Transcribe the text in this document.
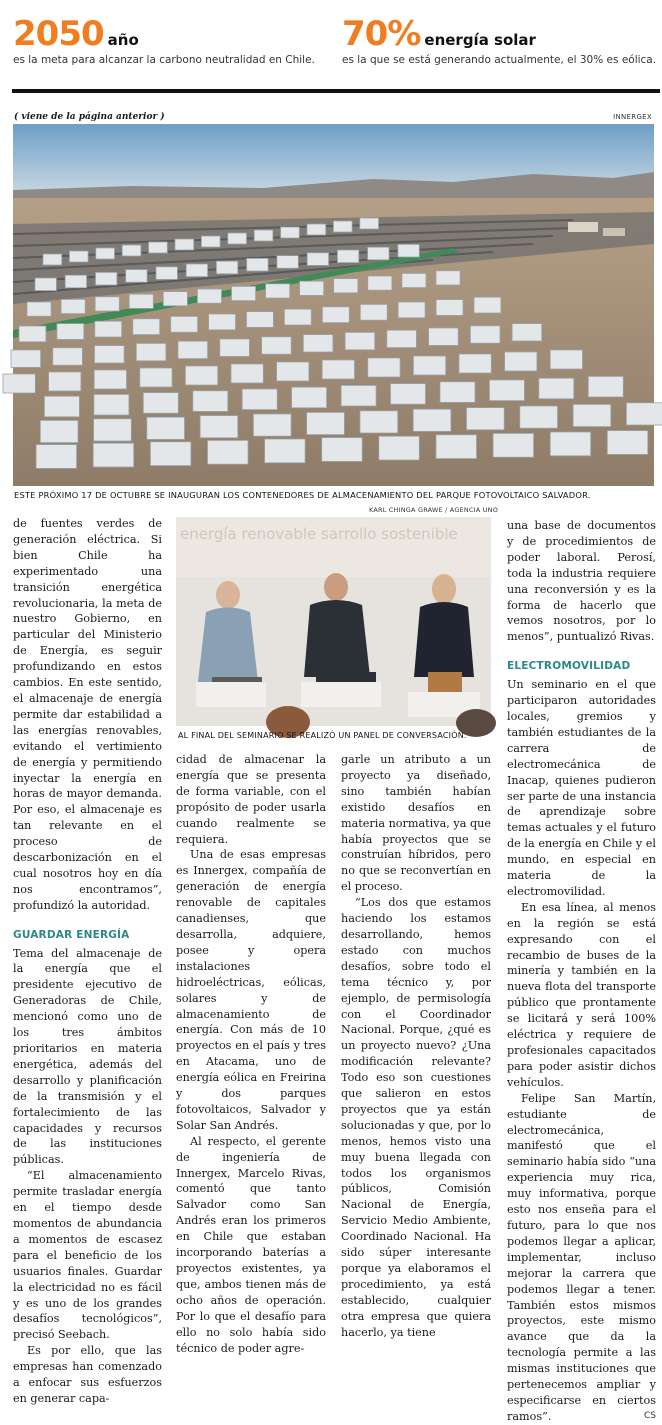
2050 año
es la meta para alcanzar la carbono neutralidad en Chile.
70% energía solar
es la que se está generando actualmente, el 30% es eólica.
( viene de la página anterior )	INNERGEX
ESTE PRÓXIMO 17 DE OCTUBRE SE INAUGURAN LOS CONTENEDORES DE ALMACENAMIENTO DEL PARQUE FOTOVOLTAICO SALVADOR.
KARL CHINGA GRAWE / AGENCIA UNO
energía renovable sarrollo sostenible
AL FINAL DEL SEMINARIO SE REALIZÓ UN PANEL DE CONVERSACIÓN.

de fuentes verdes de generación eléctrica. Si bien Chile ha experimentado una transición energética revolucionaria, la meta de nuestro Gobierno, en particular del Ministerio de Energía, es seguir profundizando en estos cambios. En este sentido, el almacenaje de energía permite dar estabilidad a las energías renovables, evitando el vertimiento de energía y permitiendo inyectar la energía en horas de mayor demanda. Por eso, el almacenaje es tan relevante en el proceso de descarbonización en el cual nosotros hoy en día nos encontramos”, profundizó la autoridad.

GUARDAR ENERGÍA

Tema del almacenaje de la energía que el presidente ejecutivo de Generadoras de Chile, mencionó como uno de los tres ámbitos prioritarios en materia energética, además del desarrollo y planificación de la transmisión y el fortalecimiento de las capacidades y recursos de las instituciones públicas.

“El almacenamiento permite trasladar energía en el tiempo desde momentos de abundancia a momentos de escasez para el beneficio de los usuarios finales. Guardar la electricidad no es fácil y es uno de los grandes desafíos tecnológicos”, precisó Seebach.

Es por ello, que las empresas han comenzado a enfocar sus esfuerzos en generar capa-

cidad de almacenar la energía que se presenta de forma variable, con el propósito de poder usarla cuando realmente se requiera.

Una de esas empresas es Innergex, compañía de generación de energía renovable de capitales canadienses, que desarrolla, adquiere, posee y opera instalaciones hidroeléctricas, eólicas, solares y de almacenamiento de energía. Con más de 10 proyectos en el país y tres en Atacama, uno de energía eólica en Freirina y dos parques fotovoltaicos, Salvador y Solar San Andrés.

Al respecto, el gerente de ingeniería de Innergex, Marcelo Rivas, comentó que tanto Salvador como San Andrés eran los primeros en Chile que estaban incorporando baterías a proyectos existentes, ya que, ambos tienen más de ocho años de operación. Por lo que el desafío para ello no solo había sido técnico de poder agre-

garle un atributo a un proyecto ya diseñado, sino también habían existido desafíos en materia normativa, ya que había proyectos que se construían híbridos, pero no que se reconvertían en el proceso.

“Los dos que estamos haciendo los estamos desarrollando, hemos estado con muchos desafíos, sobre todo el tema técnico y, por ejemplo, de permisología con el Coordinador Nacional. Porque, ¿qué es un proyecto nuevo? ¿Una modificación relevante? Todo eso son cuestiones que salieron en estos proyectos que ya están solucionadas y que, por lo menos, hemos visto una muy buena llegada con todos los organismos públicos, Comisión Nacional de Energía, Servicio Medio Ambiente, Coordinado Nacional. Ha sido súper interesante porque ya elaboramos el procedimiento, ya está establecido, cualquier otra empresa que quiera hacerlo, ya tiene

una base de documentos y de procedimientos de poder laboral. Perosí, toda la industria requiere una reconversión y es la forma de hacerlo que vemos nosotros, por lo menos”, puntualizó Rivas.

ELECTROMOVILIDAD

Un seminario en el que participaron autoridades locales, gremios y también estudiantes de la carrera de electromecánica de Inacap, quienes pudieron ser parte de una instancia de aprendizaje sobre temas actuales y el futuro de la energía en Chile y el mundo, en especial en materia de la electromovilidad.

En esa línea, al menos en la región se está expresando con el recambio de buses de la minería y también en la nueva flota del transporte público que prontamente se licitará y será 100% eléctrica y requiere de profesionales capacitados para poder asistir dichos vehículos.

Felipe San Martín, estudiante de electromecánica, manifestó que el seminario había sido “una experiencia muy rica, muy informativa, porque esto nos enseña para el futuro, para lo que nos podemos llegar a aplicar, implementar, incluso mejorar la carrera que podemos llegar a tener. También estos mismos proyectos, este mismo avance que da la tecnología permite a las mismas instituciones que pertenecemos ampliar y especificarse en ciertos ramos”.	CS
